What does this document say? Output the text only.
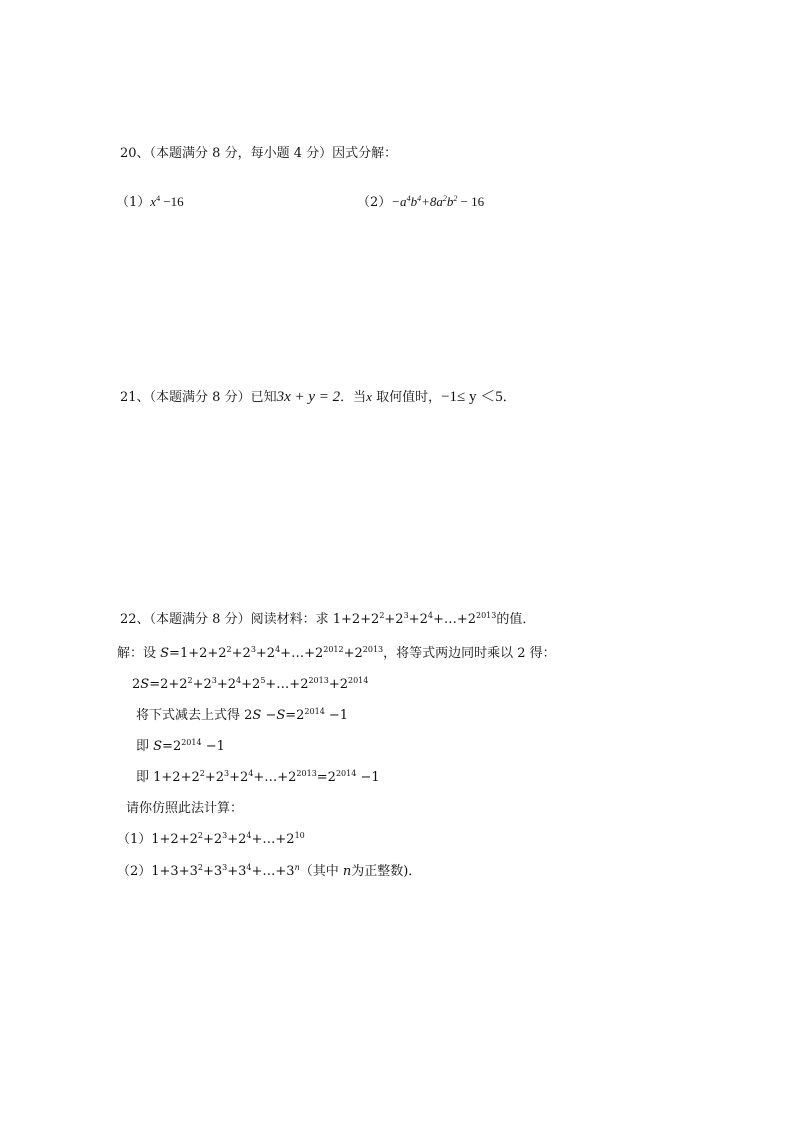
20、（本题满分 8 分，每小题 4 分）因式分解：
$(1)x^4 -16$	$(2)-a^4b^4+8a^2b^2 - 16$
21、（本题满分 8 分）已知3x + y = 2．当x 取何值时，−1≤ y ＜5．
22、（本题满分 8 分）阅读材料：求 $1+2+2^2+2^3+2^4+\dots+2^{2013}$的值．
解：设 $S=1+2+2^2+2^3+2^4+\dots+2^{2012}+2^{2013}$，将等式两边同时乘以 2 得：
$2S=2+2^2+2^3+2^4+2^5+\dots+2^{2013}+2^{2014}$
将下式减去上式得 $2S -S=2^{2014} -1$
即 $S=2^{2014} -1$
即 $1+2+2^2+2^3+2^4+\dots+2^{2013}=2^{2014} -1$
请你仿照此法计算：
$(1)1+2+2^2+2^3+2^4+\dots+2^{10}$
$(2)1+3+3^2+3^3+3^4+\dots+3^n$（其中 n为正整数)．
